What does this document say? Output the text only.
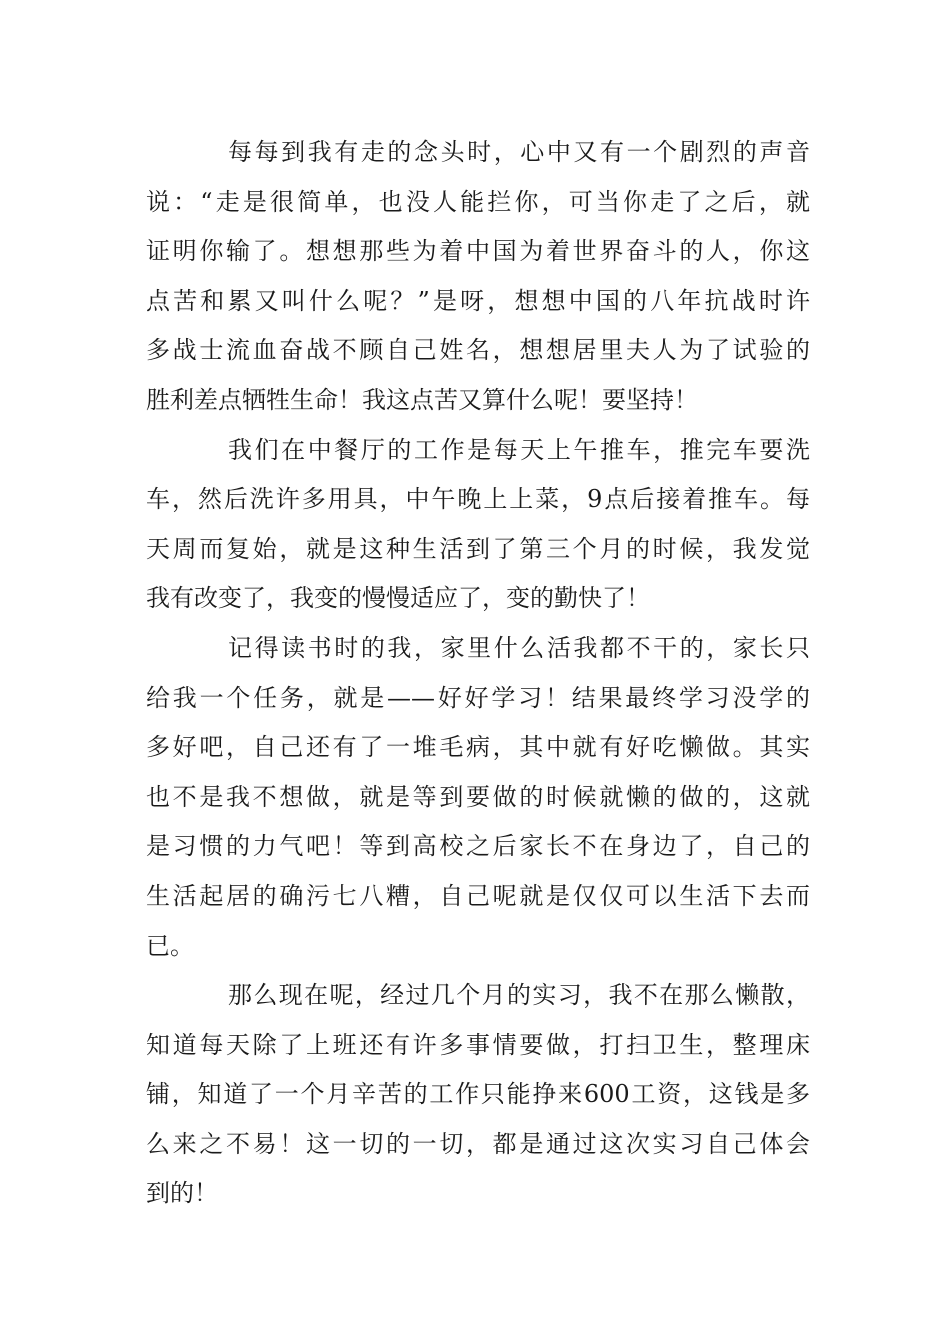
每每到我有走的念头时，心中又有一个剧烈的声音
说：“走是很简单，也没人能拦你，可当你走了之后，就
证明你输了。想想那些为着中国为着世界奋斗的人，你这
点苦和累又叫什么呢？”是呀，想想中国的八年抗战时许
多战士流血奋战不顾自己姓名，想想居里夫人为了试验的
胜利差点牺牲生命！我这点苦又算什么呢！要坚持！
我们在中餐厅的工作是每天上午推车，推完车要洗
车，然后洗许多用具，中午晚上上菜，9点后接着推车。每
天周而复始，就是这种生活到了第三个月的时候，我发觉
我有改变了，我变的慢慢适应了，变的勤快了！
记得读书时的我，家里什么活我都不干的，家长只
给我一个任务，就是——好好学习！结果最终学习没学的
多好吧，自己还有了一堆毛病，其中就有好吃懒做。其实
也不是我不想做，就是等到要做的时候就懒的做的，这就
是习惯的力气吧！等到高校之后家长不在身边了，自己的
生活起居的确污七八糟，自己呢就是仅仅可以生活下去而
已。
那么现在呢，经过几个月的实习，我不在那么懒散，
知道每天除了上班还有许多事情要做，打扫卫生，整理床
铺，知道了一个月辛苦的工作只能挣来600工资，这钱是多
么来之不易！这一切的一切，都是通过这次实习自己体会
到的！
